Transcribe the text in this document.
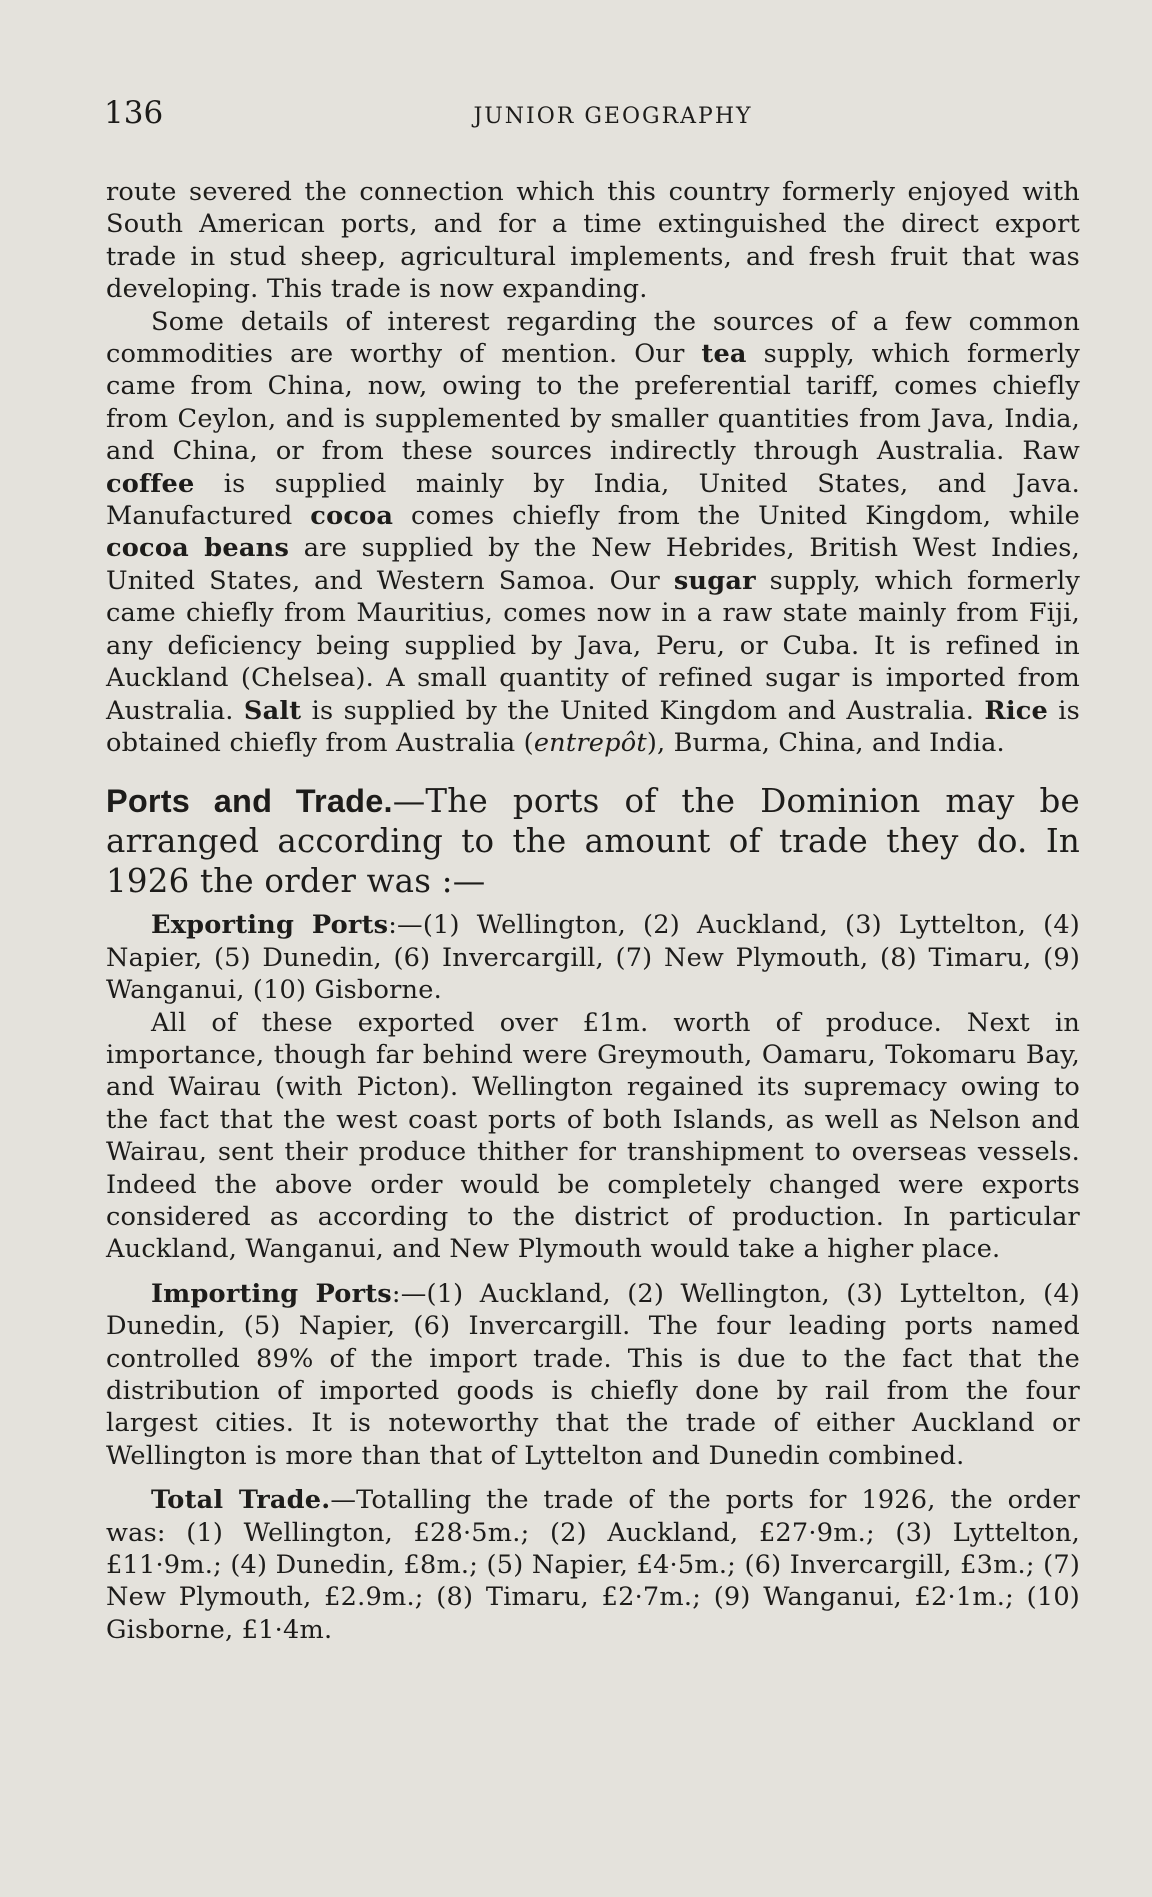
136	JUNIOR GEOGRAPHY

route severed the connection which this country formerly enjoyed with South American ports, and for a time extinguished the direct export trade in stud sheep, agricultural implements, and fresh fruit that was developing. This trade is now expanding.

Some details of interest regarding the sources of a few common commodities are worthy of mention. Our tea supply, which formerly came from China, now, owing to the preferential tariff, comes chiefly from Ceylon, and is supplemented by smaller quantities from Java, India, and China, or from these sources indirectly through Australia. Raw coffee is supplied mainly by India, United States, and Java. Manufactured cocoa comes chiefly from the United Kingdom, while cocoa beans are supplied by the New Hebrides, British West Indies, United States, and Western Samoa. Our sugar supply, which formerly came chiefly from Mauritius, comes now in a raw state mainly from Fiji, any deficiency being supplied by Java, Peru, or Cuba. It is refined in Auckland (Chelsea). A small quantity of refined sugar is imported from Australia. Salt is supplied by the United Kingdom and Australia. Rice is obtained chiefly from Australia (entrepôt), Burma, China, and India.

Ports and Trade.—The ports of the Dominion may be arranged according to the amount of trade they do. In 1926 the order was :—

Exporting Ports:—(1) Wellington, (2) Auckland, (3) Lyttelton, (4) Napier, (5) Dunedin, (6) Invercargill, (7) New Plymouth, (8) Timaru, (9) Wanganui, (10) Gisborne.

All of these exported over £1m. worth of produce. Next in importance, though far behind were Greymouth, Oamaru, Tokomaru Bay, and Wairau (with Picton). Wellington regained its supremacy owing to the fact that the west coast ports of both Islands, as well as Nelson and Wairau, sent their produce thither for transhipment to overseas vessels. Indeed the above order would be completely changed were exports considered as according to the district of production. In particular Auckland, Wanganui, and New Plymouth would take a higher place.

Importing Ports:—(1) Auckland, (2) Wellington, (3) Lyttelton, (4) Dunedin, (5) Napier, (6) Invercargill. The four leading ports named controlled 89% of the import trade. This is due to the fact that the distribution of imported goods is chiefly done by rail from the four largest cities. It is noteworthy that the trade of either Auckland or Wellington is more than that of Lyttelton and Dunedin combined.

Total Trade.—Totalling the trade of the ports for 1926, the order was: (1) Wellington, £28·5m.; (2) Auckland, £27·9m.; (3) Lyttelton, £11·9m.; (4) Dunedin, £8m.; (5) Napier, £4·5m.; (6) Invercargill, £3m.; (7) New Plymouth, £2.9m.; (8) Timaru, £2·7m.; (9) Wanganui, £2·1m.; (10) Gisborne, £1·4m.
